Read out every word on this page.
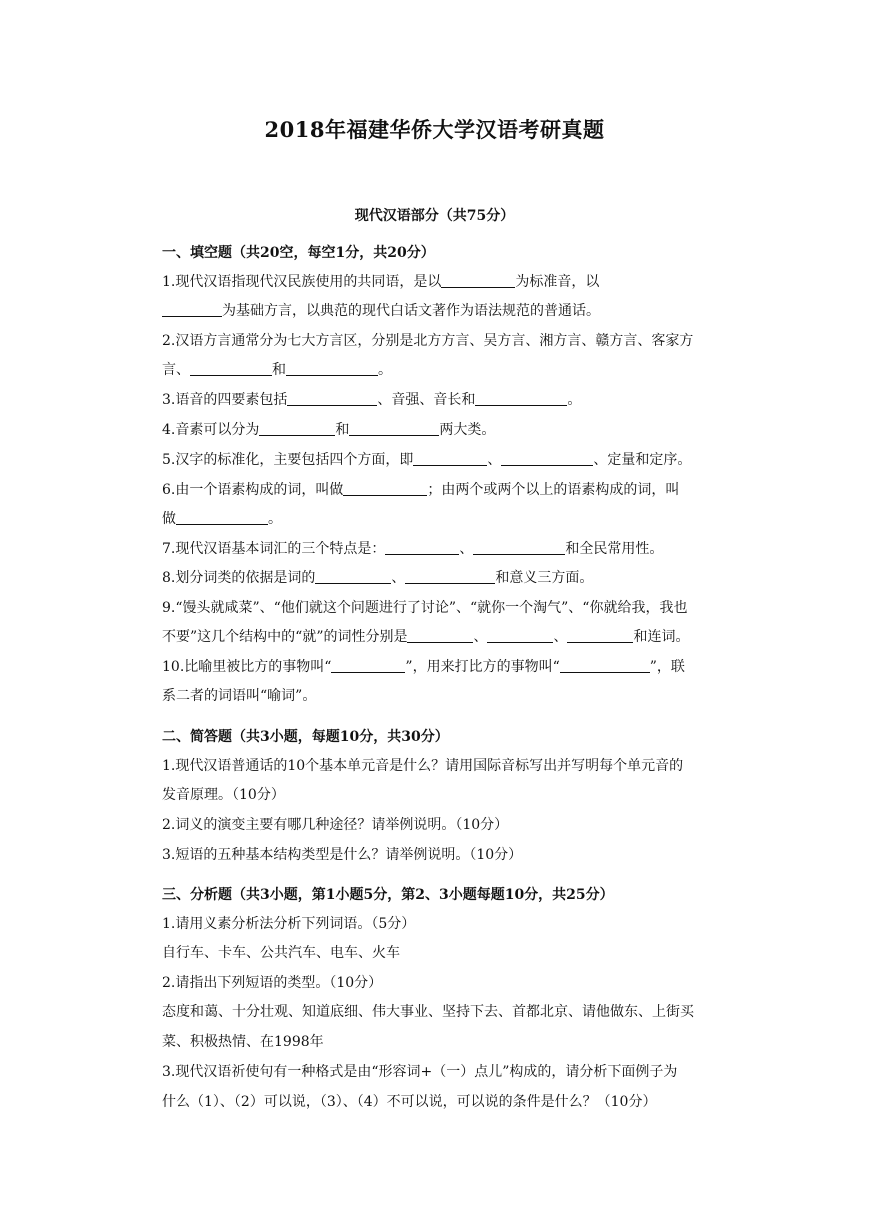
2018年福建华侨大学汉语考研真题
现代汉语部分（共75分）
一、填空题（共20空，每空1分，共20分）
1.现代汉语指现代汉民族使用的共同语，是以	为标准音，以
为基础方言，以典范的现代白话文著作为语法规范的普通话。
2.汉语方言通常分为七大方言区，分别是北方方言、吴方言、湘方言、赣方言、客家方
言、	和	。
3.语音的四要素包括	、音强、音长和	。
4.音素可以分为	和	两大类。
5.汉字的标准化，主要包括四个方面，即	、	、定量和定序。
6.由一个语素构成的词，叫做	；由两个或两个以上的语素构成的词，叫
做	。
7.现代汉语基本词汇的三个特点是：	、	和全民常用性。
8.划分词类的依据是词的	、	和意义三方面。
9.“馒头就咸菜”、“他们就这个问题进行了讨论”、“就你一个淘气”、“你就给我，我也
不要”这几个结构中的“就”的词性分别是	、	、	和连词。
10.比喻里被比方的事物叫“	”，用来打比方的事物叫“	”，联
系二者的词语叫“喻词”。
二、简答题（共3小题，每题10分，共30分）
1.现代汉语普通话的10个基本单元音是什么？请用国际音标写出并写明每个单元音的
发音原理。（10分）
2.词义的演变主要有哪几种途径？请举例说明。（10分）
3.短语的五种基本结构类型是什么？请举例说明。（10分）
三、分析题（共3小题，第1小题5分，第2、3小题每题10分，共25分）
1.请用义素分析法分析下列词语。（5分）
自行车、卡车、公共汽车、电车、火车
2.请指出下列短语的类型。（10分）
态度和蔼、十分壮观、知道底细、伟大事业、坚持下去、首都北京、请他做东、上街买
菜、积极热情、在1998年
3.现代汉语祈使句有一种格式是由“形容词+（一）点儿”构成的，请分析下面例子为
什么（1）、（2）可以说，（3）、（4）不可以说，可以说的条件是什么？（10分）
